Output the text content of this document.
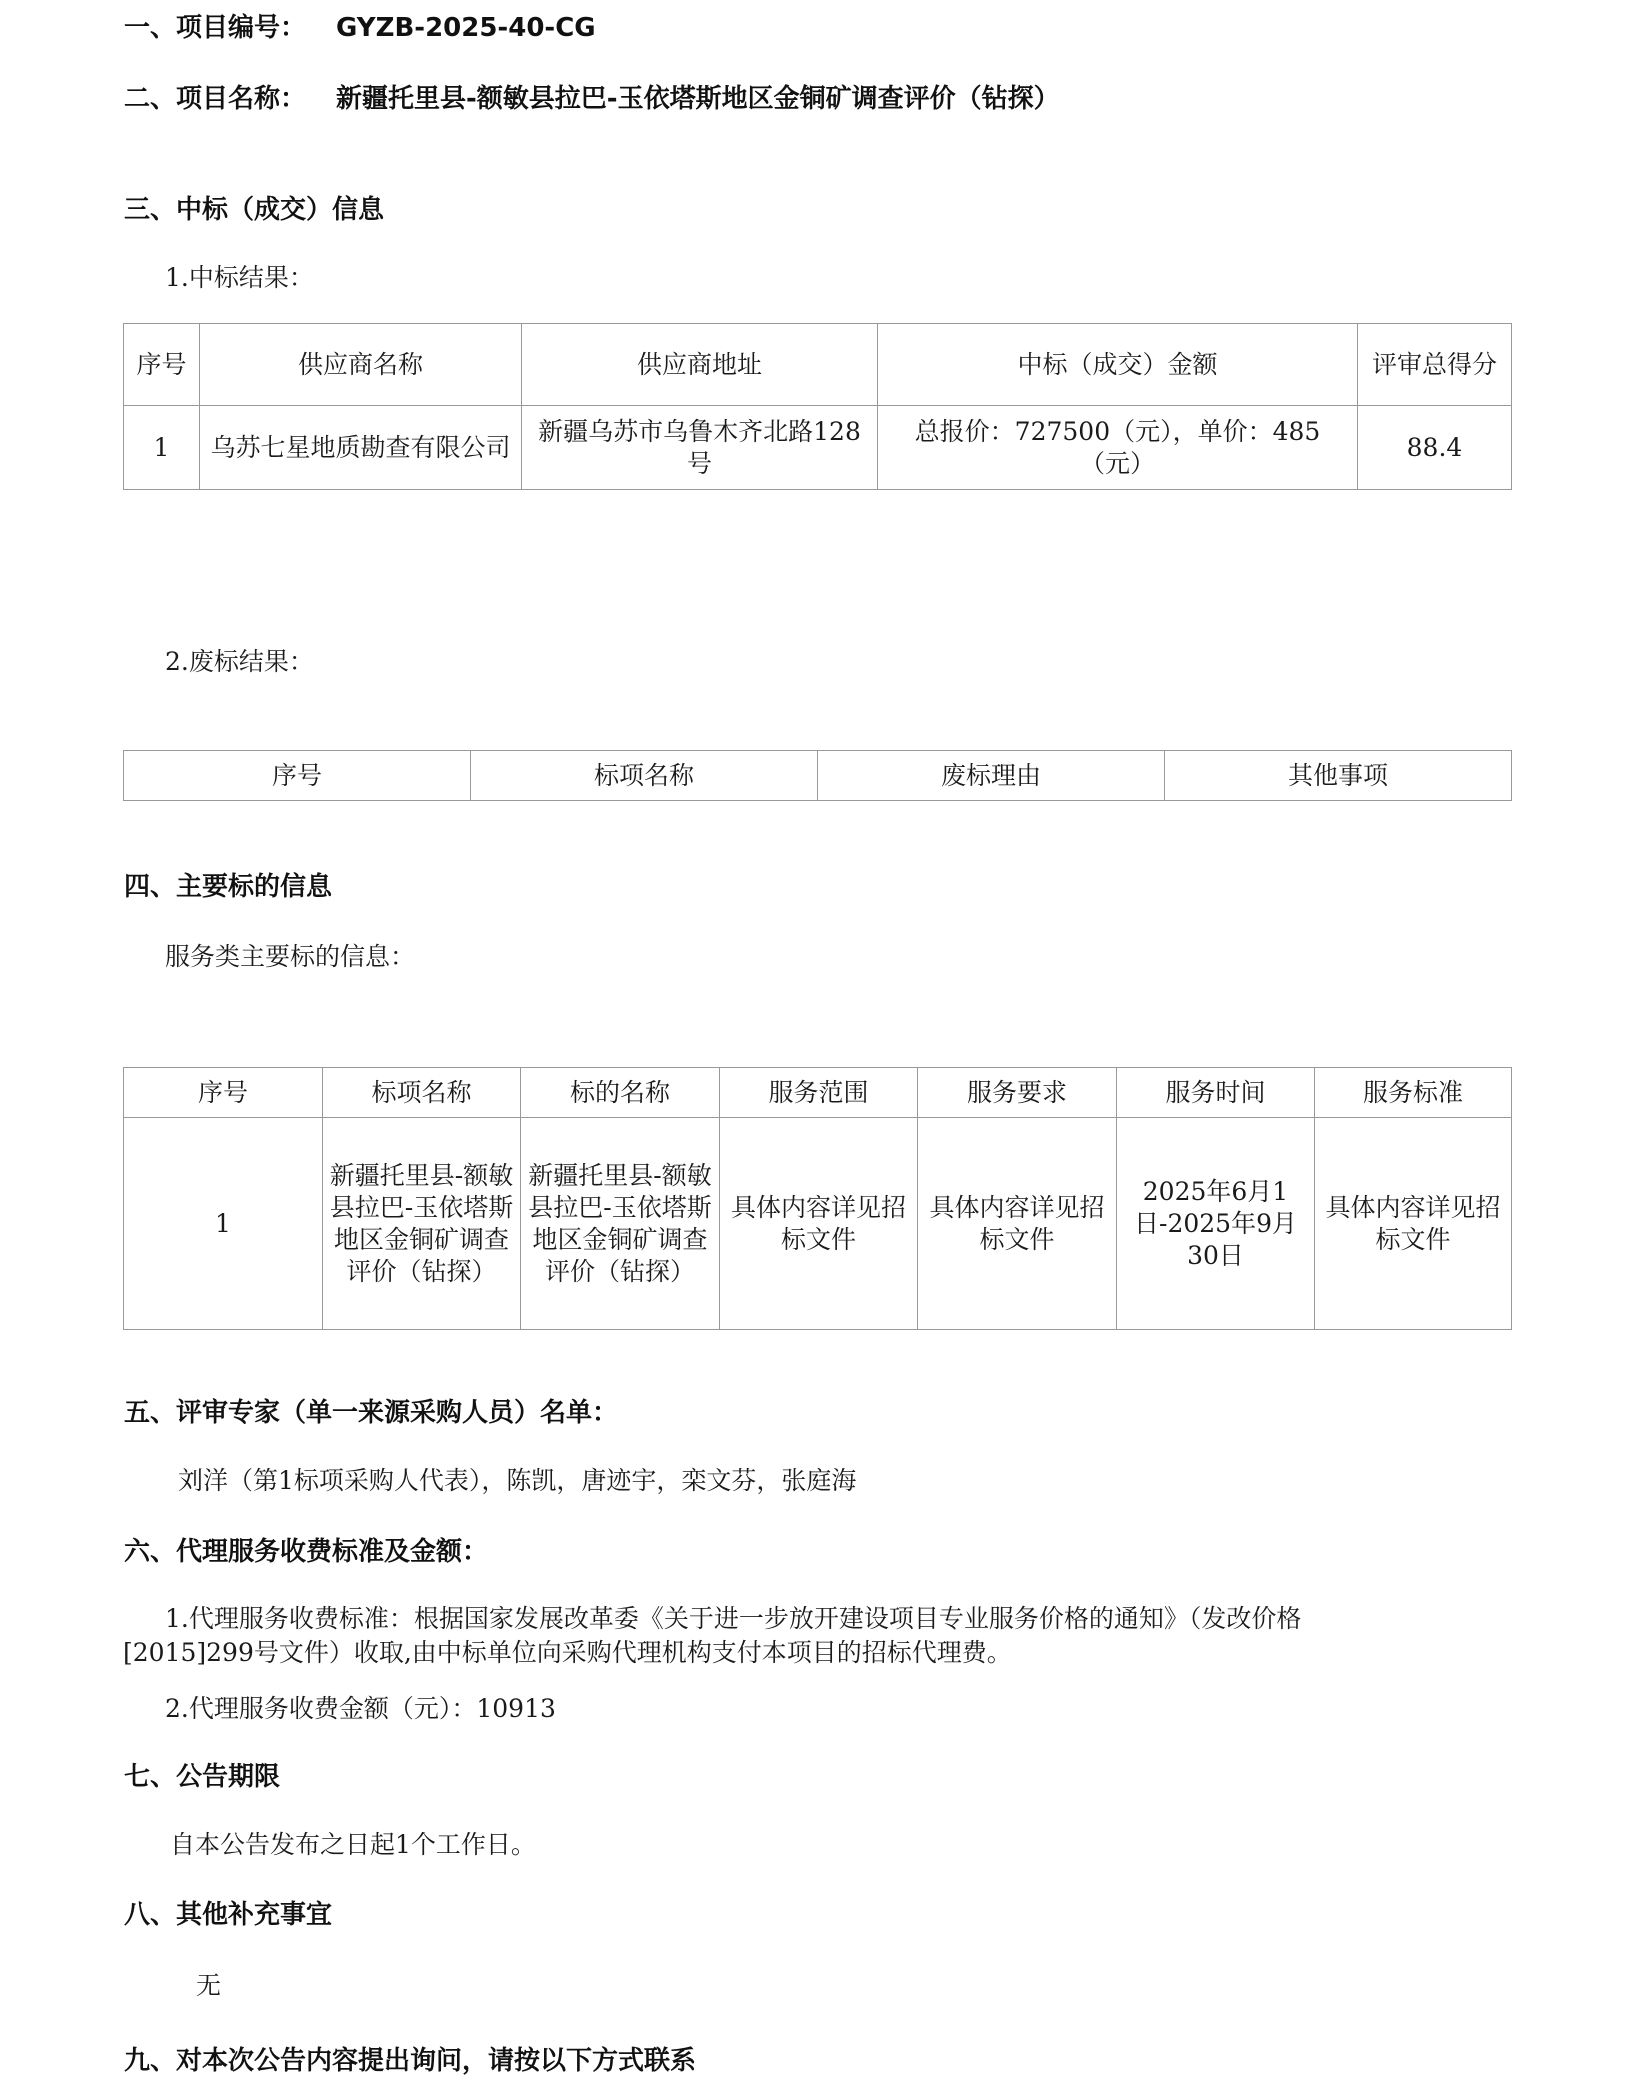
一、项目编号： GYZB-2025-40-CG
二、项目名称： 新疆托里县-额敏县拉巴-玉依塔斯地区金铜矿调查评价（钻探）
三、中标（成交）信息
1.中标结果：
序号	供应商名称	供应商地址	中标（成交）金额	评审总得分
1	乌苏七星地质勘查有限公司	新疆乌苏市乌鲁木齐北路128号	总报价：727500（元），单价：485（元）	88.4
2.废标结果：
序号	标项名称	废标理由	其他事项
四、主要标的信息
服务类主要标的信息：
序号	标项名称	标的名称	服务范围	服务要求	服务时间	服务标准
1	新疆托里县-额敏县拉巴-玉依塔斯地区金铜矿调查评价（钻探）	新疆托里县-额敏县拉巴-玉依塔斯地区金铜矿调查评价（钻探）	具体内容详见招标文件	具体内容详见招标文件	2025年6月1日-2025年9月30日	具体内容详见招标文件
五、评审专家（单一来源采购人员）名单：
刘洋（第1标项采购人代表），陈凯，唐迹宇，栾文芬，张庭海
六、代理服务收费标准及金额：
1.代理服务收费标准：根据国家发展改革委《关于进一步放开建设项目专业服务价格的通知》（发改价格
[2015]299号文件）收取,由中标单位向采购代理机构支付本项目的招标代理费。
2.代理服务收费金额（元）：10913
七、公告期限
自本公告发布之日起1个工作日。
八、其他补充事宜
无
九、对本次公告内容提出询问，请按以下方式联系
